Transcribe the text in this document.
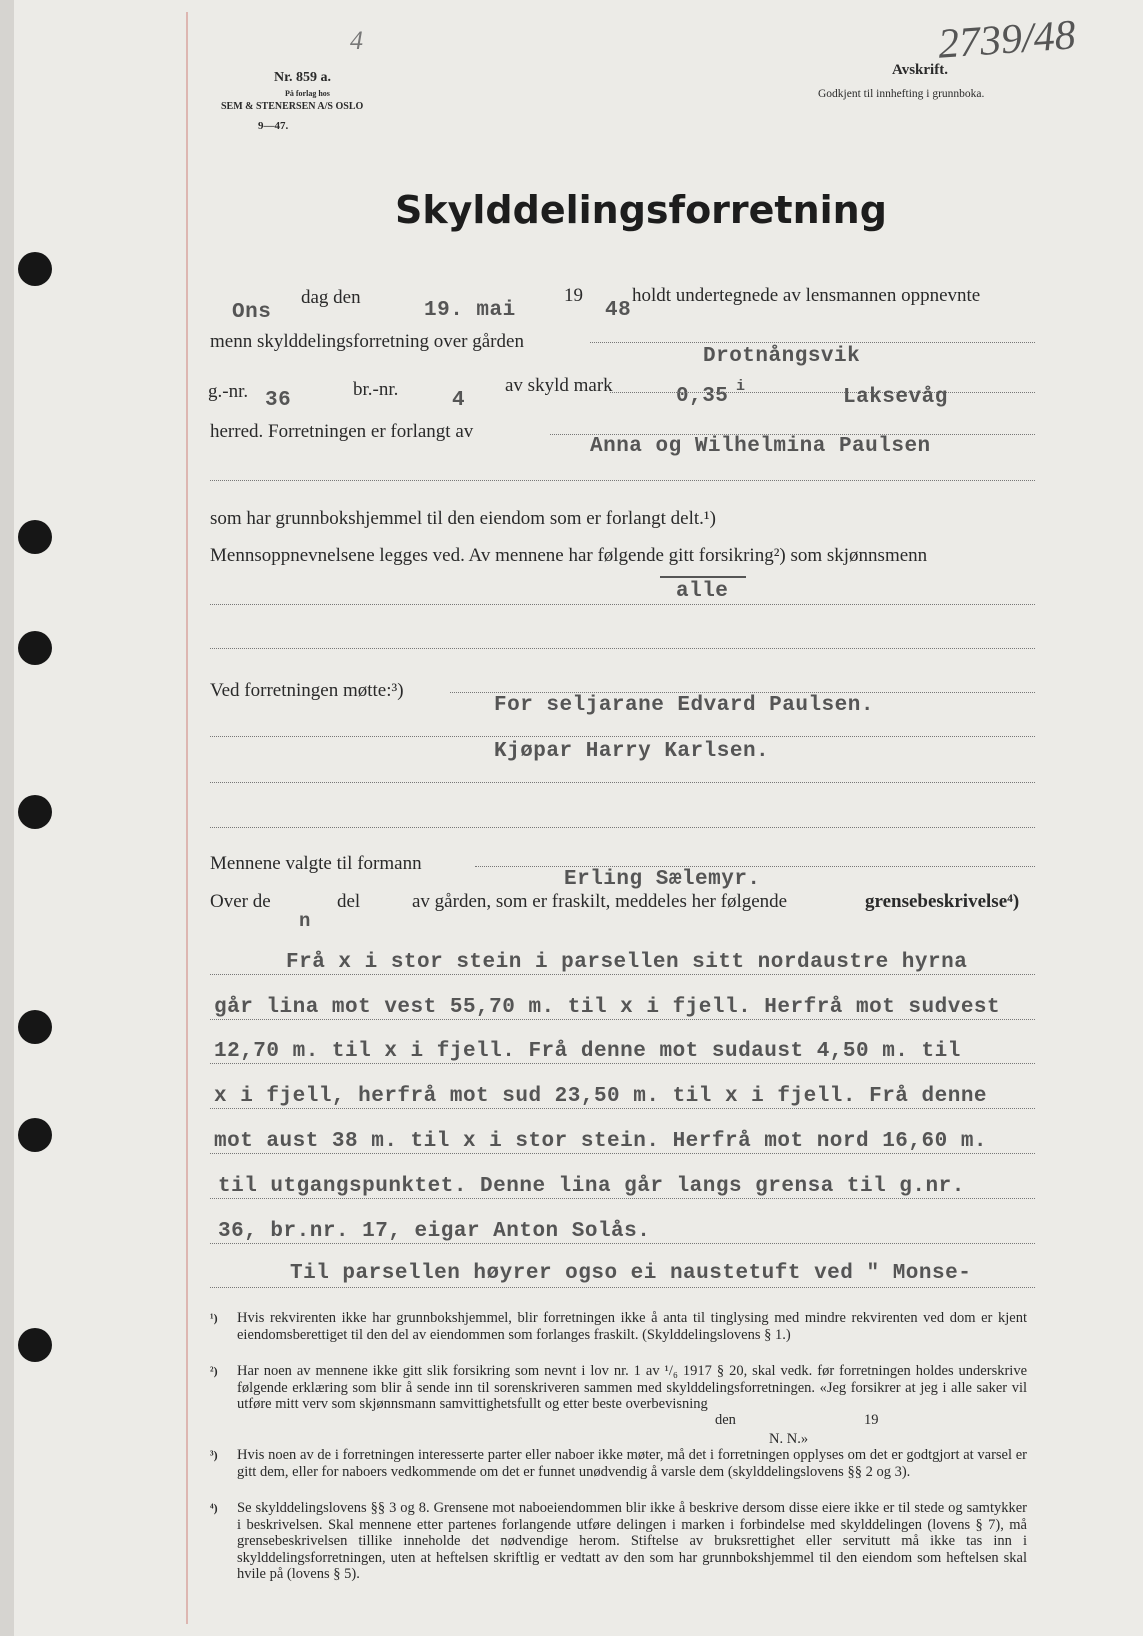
Nr. 859 a.
På forlag hos
SEM & STENERSEN A/S OSLO
9—47.
4
Avskrift.
Godkjent til innhefting i grunnboka.
2739/48
Skylddelingsforretning
Ons
dag den
19. mai
19
48
holdt undertegnede av lensmannen oppnevnte
menn skylddelingsforretning over gården
Drotnångsvik
g.-nr. 36	br.-nr.	4
av skyld mark	0,35 i	Laksevåg
herred. Forretningen er forlangt av
Anna og Wilhelmina Paulsen
som har grunnbokshjemmel til den eiendom som er forlangt delt.¹)
Mennsoppnevnelsene legges ved. Av mennene har følgende gitt forsikring²) som skjønnsmenn
alle
Ved forretningen møtte:³)
For seljarane Edvard Paulsen.
Kjøpar Harry Karlsen.
Mennene valgte til formann
Erling Sælemyr.
Over de
n
del	av gården, som er fraskilt, meddeles her følgende	grensebeskrivelse⁴)
Frå x i stor stein i parsellen sitt nordaustre hyrna
går lina mot vest 55,70 m. til x i fjell. Herfrå mot sudvest
12,70 m. til x i fjell. Frå denne mot sudaust 4,50 m. til
x i fjell, herfrå mot sud 23,50 m. til x i fjell. Frå denne
mot aust 38 m. til x i stor stein. Herfrå mot nord 16,60 m.
til utgangspunktet. Denne lina går langs grensa til g.nr.
36, br.nr. 17, eigar Anton Solås.
Til parsellen høyrer ogso ei naustetuft ved " Monse-
¹) Hvis rekvirenten ikke har grunnbokshjemmel, blir forretningen ikke å anta til tinglysing med mindre rekvirenten ved dom er kjent eiendomsberettiget til den del av eiendommen som forlanges fraskilt. (Skylddelingslovens § 1.)
²) Har noen av mennene ikke gitt slik forsikring som nevnt i lov nr. 1 av ¹/₆ 1917 § 20, skal vedk. før forretningen holdes underskrive følgende erklæring som blir å sende inn til sorenskriveren sammen med skylddelingsforretningen. «Jeg forsikrer at jeg i alle saker vil utføre mitt verv som skjønnsmann samvittighetsfullt og etter beste overbevisning
den	19
N. N.»
³) Hvis noen av de i forretningen interesserte parter eller naboer ikke møter, må det i forretningen opplyses om det er godtgjort at varsel er gitt dem, eller for naboers vedkommende om det er funnet unødvendig å varsle dem (skylddelingslovens §§ 2 og 3).
⁴) Se skylddelingslovens §§ 3 og 8. Grensene mot naboeiendommen blir ikke å beskrive dersom disse eiere ikke er til stede og samtykker i beskrivelsen. Skal mennene etter partenes forlangende utføre delingen i marken i forbindelse med skylddelingen (lovens § 7), må grensebeskrivelsen tillike inneholde det nødvendige herom. Stiftelse av bruksrettighet eller servitutt må ikke tas inn i skylddelingsforretningen, uten at heftelsen skriftlig er vedtatt av den som har grunnbokshjemmel til den eiendom som heftelsen skal hvile på (lovens § 5).
